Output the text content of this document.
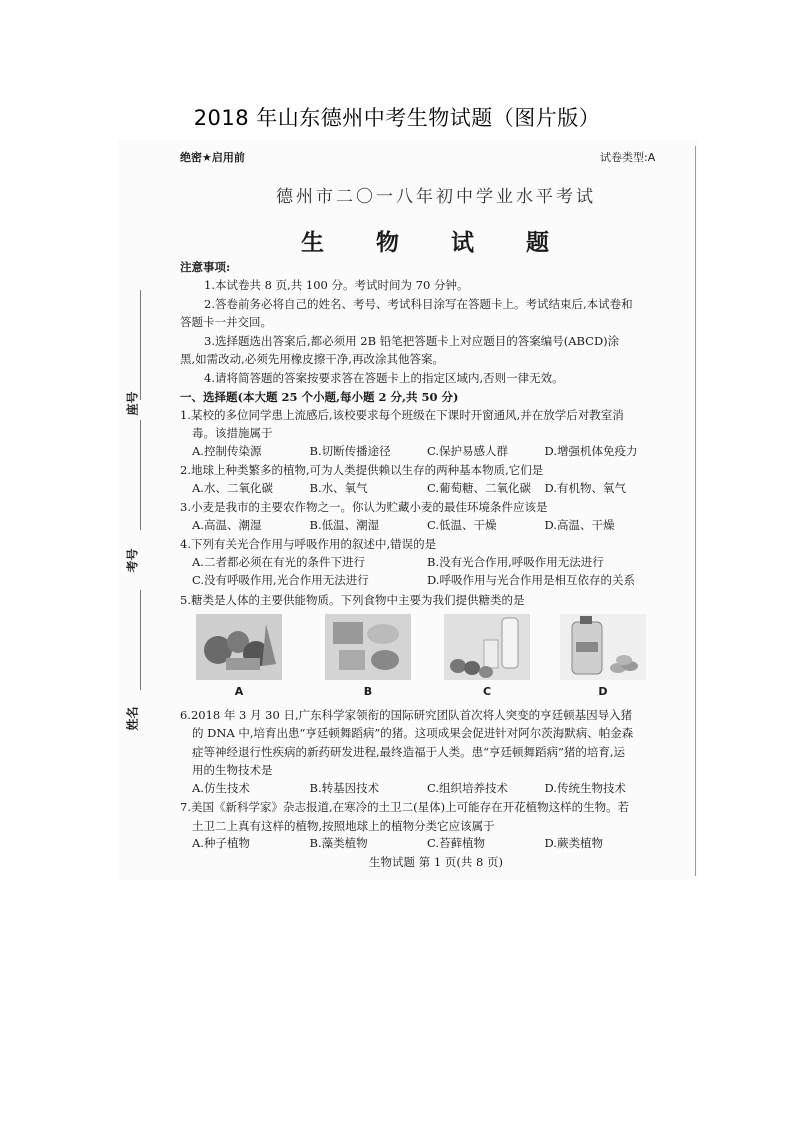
2018 年山东德州中考生物试题（图片版）
座号
考号
姓名
绝密★启用前	试卷类型:A
德州市二〇一八年初中学业水平考试
生 物 试 题
注意事项:
1.本试卷共 8 页,共 100 分。考试时间为 70 分钟。
2.答卷前务必将自己的姓名、考号、考试科目涂写在答题卡上。考试结束后,本试卷和
答题卡一并交回。
3.选择题选出答案后,都必须用 2B 铅笔把答题卡上对应题目的答案编号(ABCD)涂
黑,如需改动,必须先用橡皮擦干净,再改涂其他答案。
4.请将简答题的答案按要求答在答题卡上的指定区域内,否则一律无效。
一、选择题(本大题 25 个小题,每小题 2 分,共 50 分)
1.某校的多位同学患上流感后,该校要求每个班级在下课时开窗通风,并在放学后对教室消
毒。该措施属于
A.控制传染源	B.切断传播途径	C.保护易感人群	D.增强机体免疫力
2.地球上种类繁多的植物,可为人类提供赖以生存的两种基本物质,它们是
A.水、二氧化碳	B.水、氧气	C.葡萄糖、二氧化碳	D.有机物、氧气
3.小麦是我市的主要农作物之一。你认为贮藏小麦的最佳环境条件应该是
A.高温、潮湿	B.低温、潮湿	C.低温、干燥	D.高温、干燥
4.下列有关光合作用与呼吸作用的叙述中,错误的是
A.二者都必须在有光的条件下进行	B.没有光合作用,呼吸作用无法进行
C.没有呼吸作用,光合作用无法进行	D.呼吸作用与光合作用是相互依存的关系
5.糖类是人体的主要供能物质。下列食物中主要为我们提供糖类的是
A	B	C	D
6.2018 年 3 月 30 日,广东科学家领衔的国际研究团队首次将人突变的亨廷顿基因导入猪
的 DNA 中,培育出患“亨廷顿舞蹈病”的猪。这项成果会促进针对阿尔茨海默病、帕金森
症等神经退行性疾病的新药研发进程,最终造福于人类。患“亨廷顿舞蹈病”猪的培育,运
用的生物技术是
A.仿生技术	B.转基因技术	C.组织培养技术	D.传统生物技术
7.美国《新科学家》杂志报道,在寒冷的土卫二(星体)上可能存在开花植物这样的生物。若
土卫二上真有这样的植物,按照地球上的植物分类它应该属于
A.种子植物	B.藻类植物	C.苔藓植物	D.蕨类植物
生物试题 第 1 页(共 8 页)
